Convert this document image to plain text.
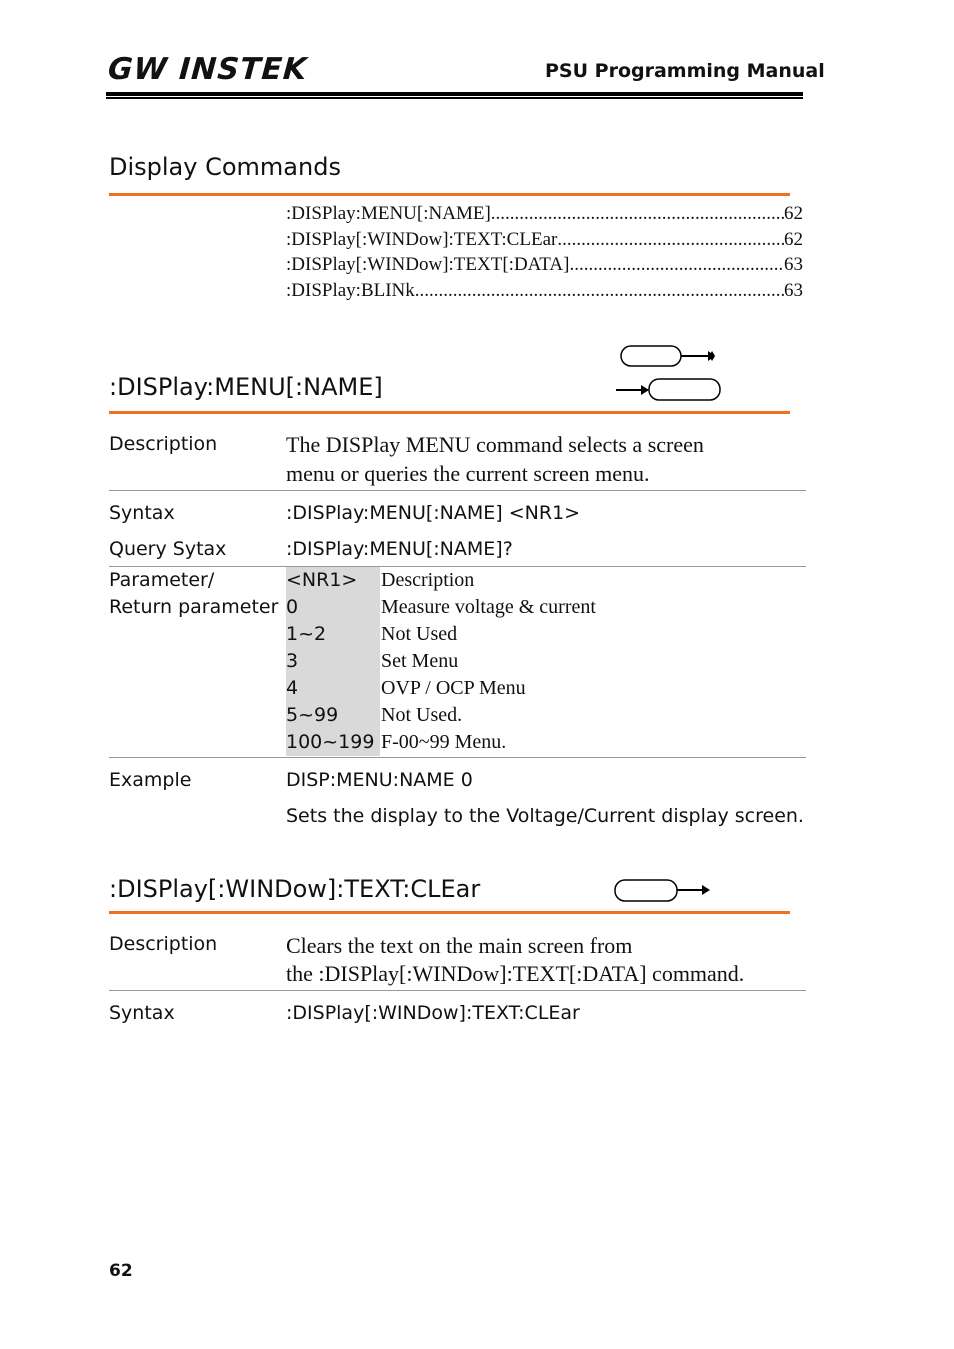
GW INSTEK	PSU Programming Manual
Display Commands
:DISPlay:MENU[:NAME] .....	62
:DISPlay[:WINDow]:TEXT:CLEar .....	62
:DISPlay[:WINDow]:TEXT[:DATA] .....	63
:DISPlay:BLINk .....	63
:DISPlay:MENU[:NAME]
Description	The DISPlay MENU command selects a screen
menu or queries the current screen menu.
Syntax	:DISPlay:MENU[:NAME] <NR1>
Query Sytax	:DISPlay:MENU[:NAME]?
Parameter/
Return parameter
<NR1>	Description
0	Measure voltage & current
1~2	Not Used
3	Set Menu
4	OVP / OCP Menu
5~99	Not Used.
100~199 F-00~99 Menu.
Example	DISP:MENU:NAME 0
Sets the display to the Voltage/Current display screen.
:DISPlay[:WINDow]:TEXT:CLEar
Description	Clears the text on the main screen from
the :DISPlay[:WINDow]:TEXT[:DATA] command.
Syntax	:DISPlay[:WINDow]:TEXT:CLEar
62
